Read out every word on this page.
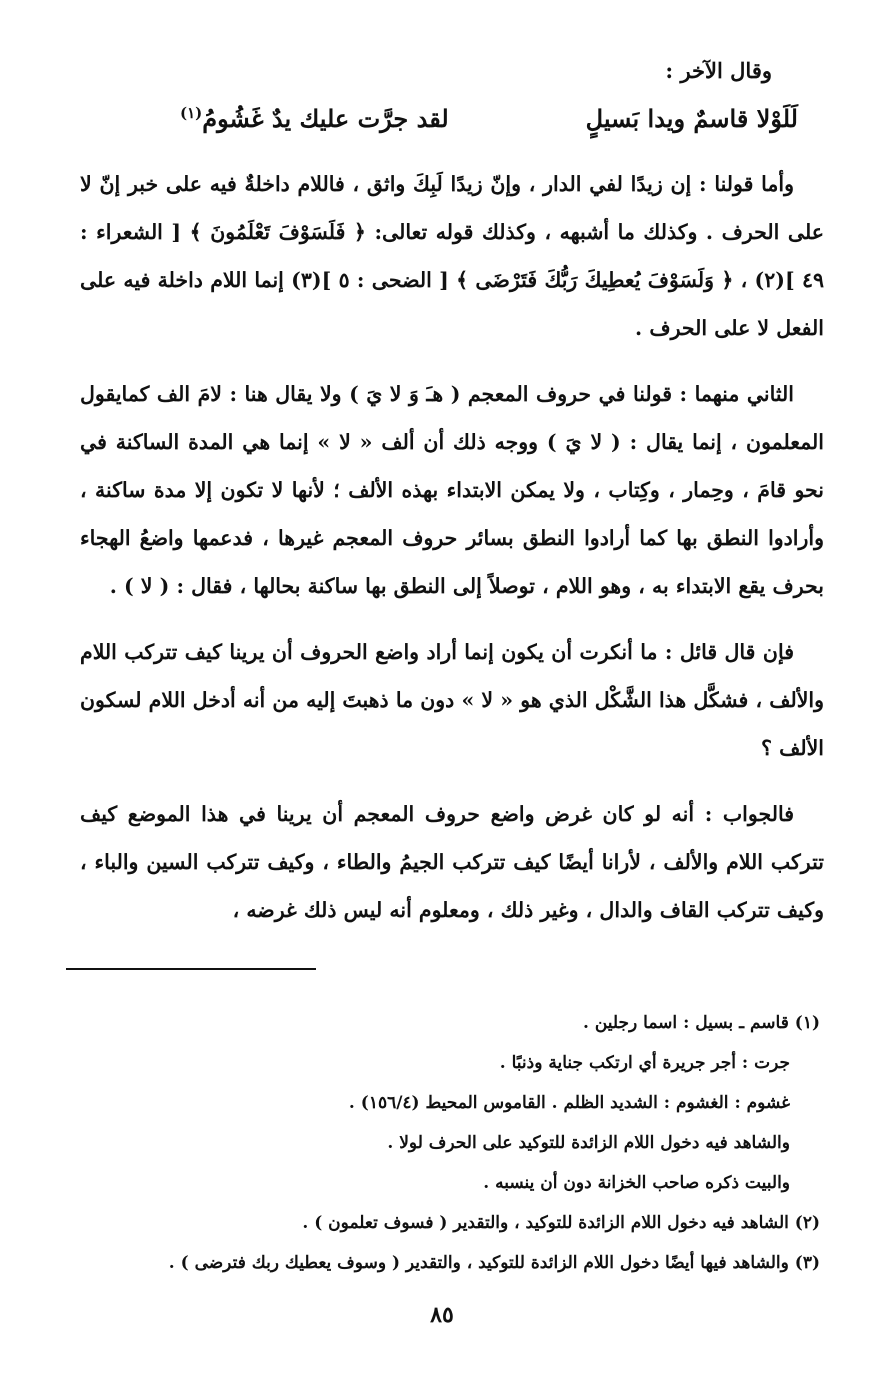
وقال الآخر :
لَلَوْلا قاسمٌ ويدا بَسيلٍ
لقد جرَّت عليك يدٌ غَشُومُ$^{(١)}$

وأما قولنا : إن زيدًا لفي الدار ، وإنّ زيدًا لَبِكَ واثق ، فاللام داخلةٌ فيه على خبر إنّ لا على الحرف . وكذلك ما أشبهه ، وكذلك قوله تعالى: ﴿ فَلَسَوْفَ تَعْلَمُونَ ﴾ [ الشعراء : ٤٩ ](٢) ، ﴿ وَلَسَوْفَ يُعطِيكَ رَبُّكَ فَتَرْضَى ﴾ [ الضحى : ٥ ](٣) إنما اللام داخلة فيه على الفعل لا على الحرف .

الثاني منهما : قولنا في حروف المعجم ( هـَ وَ لا يَ ) ولا يقال هنا : لامَ الف كمايقول المعلمون ، إنما يقال : ( لا يَ ) ووجه ذلك أن ألف « لا » إنما هي المدة الساكنة في نحو قامَ ، وحِمار ، وكِتاب ، ولا يمكن الابتداء بهذه الألف ؛ لأنها لا تكون إلا مدة ساكنة ، وأرادوا النطق بها كما أرادوا النطق بسائر حروف المعجم غيرها ، فدعمها واضعُ الهجاء بحرف يقع الابتداء به ، وهو اللام ، توصلاً إلى النطق بها ساكنة بحالها ، فقال : ( لا ) .

فإن قال قائل : ما أنكرت أن يكون إنما أراد واضع الحروف أن يرينا كيف تتركب اللام والألف ، فشكَّل هذا الشَّكْل الذي هو « لا » دون ما ذهبتَ إليه من أنه أدخل اللام لسكون الألف ؟

فالجواب : أنه لو كان غرض واضع حروف المعجم أن يرينا في هذا الموضع كيف تتركب اللام والألف ، لأرانا أيضًا كيف تتركب الجيمُ والطاء ، وكيف تتركب السين والباء ، وكيف تتركب القاف والدال ، وغير ذلك ، ومعلوم أنه ليس ذلك غرضه ،

(١) قاسم ـ بسيل : اسما رجلين .
جرت : أجر جريرة أي ارتكب جناية وذنبًا .
غشوم : الغشوم : الشديد الظلم . القاموس المحيط (١٥٦/٤) .
والشاهد فيه دخول اللام الزائدة للتوكيد على الحرف لولا .
والبيت ذكره صاحب الخزانة دون أن ينسبه .
(٢) الشاهد فيه دخول اللام الزائدة للتوكيد ، والتقدير ( فسوف تعلمون ) .
(٣) والشاهد فيها أيضًا دخول اللام الزائدة للتوكيد ، والتقدير ( وسوف يعطيك ربك فترضى ) .
٨٥
